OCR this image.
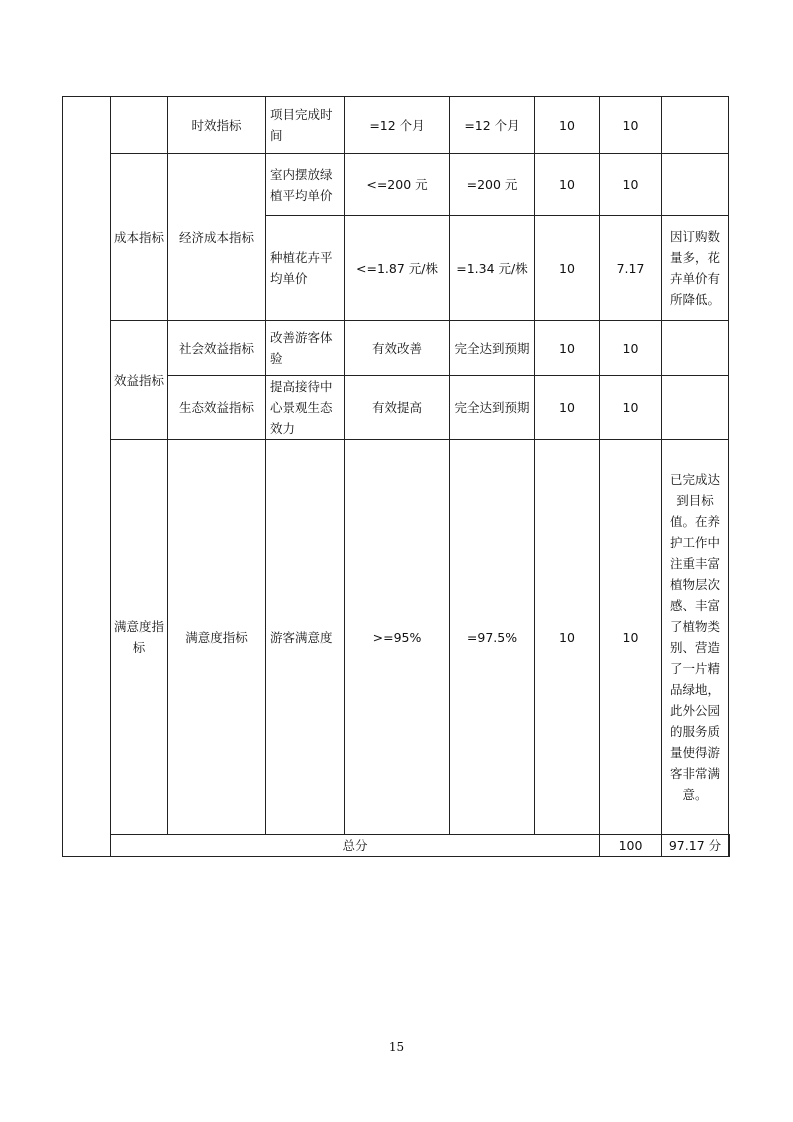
		时效指标	项目完成时间	=12 个月	=12 个月	10	10		
	成本指标	经济成本指标	室内摆放绿植平均单价	<=200 元	=200 元	10	10		
			种植花卉平均单价	<=1.87 元/株	=1.34 元/株	10	7.17	因订购数量多，花卉单价有所降低。	
	效益指标	社会效益指标	改善游客体验	有效改善	完全达到预期	10	10		
		生态效益指标	提高接待中心景观生态效力	有效提高	完全达到预期	10	10		
	满意度指标	满意度指标	游客满意度	>=95%	=97.5%	10	10	已完成达到目标值。在养护工作中注重丰富植物层次感、丰富了植物类别、营造了一片精品绿地，此外公园的服务质量使得游客非常满意。	
	总分						100	97.17 分	
15
